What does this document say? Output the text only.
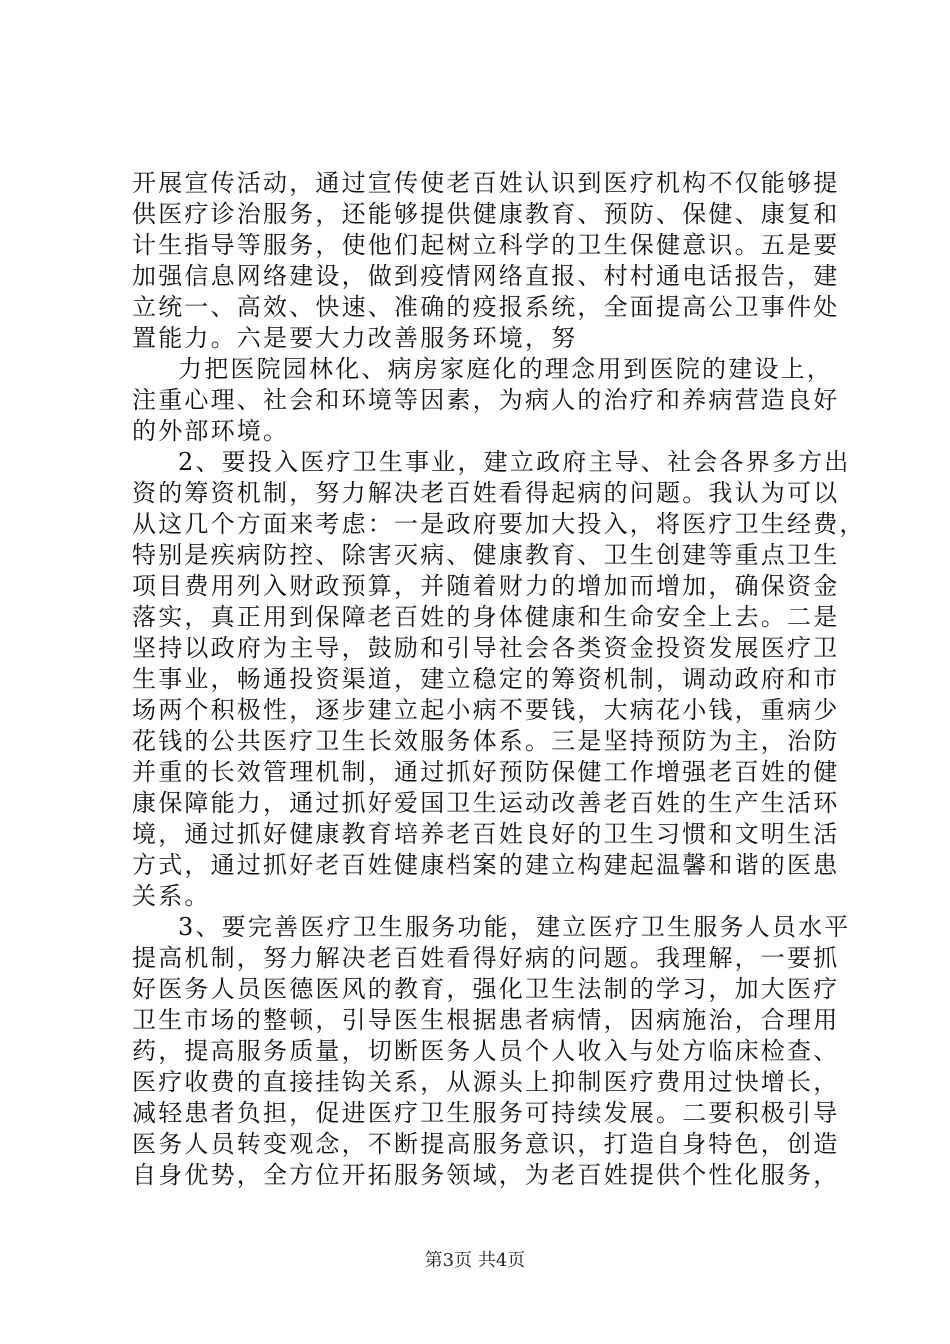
开展宣传活动，通过宣传使老百姓认识到医疗机构不仅能够提
供医疗诊治服务，还能够提供健康教育、预防、保健、康复和
计生指导等服务，使他们起树立科学的卫生保健意识。五是要
加强信息网络建设，做到疫情网络直报、村村通电话报告，建
立统一、高效、快速、准确的疫报系统，全面提高公卫事件处
置能力。六是要大力改善服务环境，努
力把医院园林化、病房家庭化的理念用到医院的建设上，
注重心理、社会和环境等因素，为病人的治疗和养病营造良好
的外部环境。
2、要投入医疗卫生事业，建立政府主导、社会各界多方出
资的筹资机制，努力解决老百姓看得起病的问题。我认为可以
从这几个方面来考虑：一是政府要加大投入，将医疗卫生经费，
特别是疾病防控、除害灭病、健康教育、卫生创建等重点卫生
项目费用列入财政预算，并随着财力的增加而增加，确保资金
落实，真正用到保障老百姓的身体健康和生命安全上去。二是
坚持以政府为主导，鼓励和引导社会各类资金投资发展医疗卫
生事业，畅通投资渠道，建立稳定的筹资机制，调动政府和市
场两个积极性，逐步建立起小病不要钱，大病花小钱，重病少
花钱的公共医疗卫生长效服务体系。三是坚持预防为主，治防
并重的长效管理机制，通过抓好预防保健工作增强老百姓的健
康保障能力，通过抓好爱国卫生运动改善老百姓的生产生活环
境，通过抓好健康教育培养老百姓良好的卫生习惯和文明生活
方式，通过抓好老百姓健康档案的建立构建起温馨和谐的医患
关系。
3、要完善医疗卫生服务功能，建立医疗卫生服务人员水平
提高机制，努力解决老百姓看得好病的问题。我理解，一要抓
好医务人员医德医风的教育，强化卫生法制的学习，加大医疗
卫生市场的整顿，引导医生根据患者病情，因病施治，合理用
药，提高服务质量，切断医务人员个人收入与处方临床检查、
医疗收费的直接挂钩关系，从源头上抑制医疗费用过快增长，
减轻患者负担，促进医疗卫生服务可持续发展。二要积极引导
医务人员转变观念，不断提高服务意识，打造自身特色，创造
自身优势，全方位开拓服务领域，为老百姓提供个性化服务，
第3页 共4页
